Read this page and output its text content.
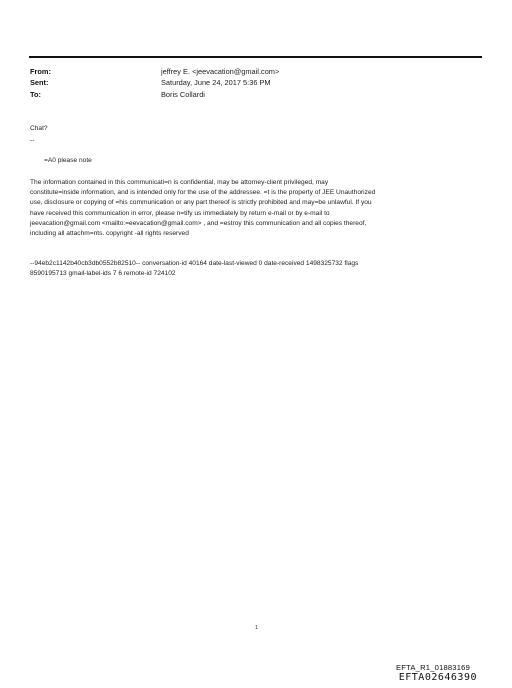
From:	jeffrey E. <jeevacation@gmail.com>
Sent:	Saturday, June 24, 2017 5:36 PM
To:	Boris Collardi
Chat?
--
=A0 please note
The information contained in this communicati=n is confidential, may be attorney-client privileged, may
constitute=inside information, and is intended only for the use of the addressee. =t is the property of JEE Unauthorized
use, disclosure or copying of =his communication or any part thereof is strictly prohibited and may=be unlawful. If you
have received this communication in error, please n=tify us immediately by return e-mail or by e-mail to
jeevacation@gmail.com <mailto:=eevacation@gmail.com> , and =estroy this communication and all copies thereof,
including all attachm=nts. copyright -all rights reserved
--94eb2c1142b40cb3db0552b82510-- conversation-id 40164 date-last-viewed 0 date-received 1498325732 flags
8590195713 gmail-label-ids 7 6 remote-id 724102
1
EFTA_R1_01883169
EFTA02646390
